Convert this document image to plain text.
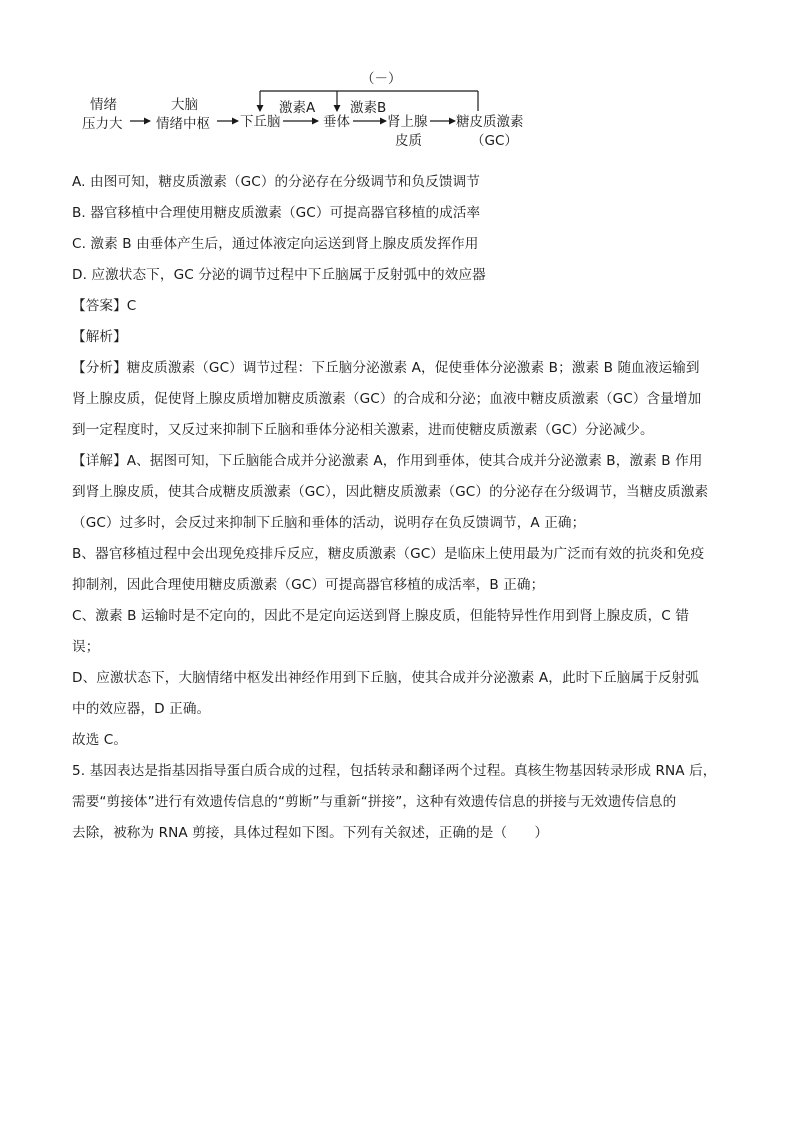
（－）
情绪
压力大
大脑
情绪中枢 下丘脑
激素A
垂体
激素B
肾上腺
皮质
糖皮质激素
（GC）

A. 由图可知，糖皮质激素（GC）的分泌存在分级调节和负反馈调节

B. 器官移植中合理使用糖皮质激素（GC）可提高器官移植的成活率

C. 激素 B 由垂体产生后，通过体液定向运送到肾上腺皮质发挥作用

D. 应激状态下，GC 分泌的调节过程中下丘脑属于反射弧中的效应器

【答案】C

【解析】

【分析】糖皮质激素（GC）调节过程：下丘脑分泌激素 A，促使垂体分泌激素 B；激素 B 随血液运输到

肾上腺皮质，促使肾上腺皮质增加糖皮质激素（GC）的合成和分泌；血液中糖皮质激素（GC）含量增加

到一定程度时，又反过来抑制下丘脑和垂体分泌相关激素，进而使糖皮质激素（GC）分泌减少。

【详解】A、据图可知，下丘脑能合成并分泌激素 A，作用到垂体，使其合成并分泌激素 B，激素 B 作用

到肾上腺皮质，使其合成糖皮质激素（GC），因此糖皮质激素（GC）的分泌存在分级调节，当糖皮质激素

（GC）过多时，会反过来抑制下丘脑和垂体的活动，说明存在负反馈调节，A 正确；

B、器官移植过程中会出现免疫排斥反应，糖皮质激素（GC）是临床上使用最为广泛而有效的抗炎和免疫

抑制剂，因此合理使用糖皮质激素（GC）可提高器官移植的成活率，B 正确；

C、激素 B 运输时是不定向的，因此不是定向运送到肾上腺皮质，但能特异性作用到肾上腺皮质，C 错

误；

D、应激状态下，大脑情绪中枢发出神经作用到下丘脑，使其合成并分泌激素 A，此时下丘脑属于反射弧

中的效应器，D 正确。

故选 C。

5. 基因表达是指基因指导蛋白质合成的过程，包括转录和翻译两个过程。真核生物基因转录形成 RNA 后，

需要“剪接体”进行有效遗传信息的“剪断”与重新“拼接”，这种有效遗传信息的拼接与无效遗传信息的

去除，被称为 RNA 剪接，具体过程如下图。下列有关叙述，正确的是（　　）
